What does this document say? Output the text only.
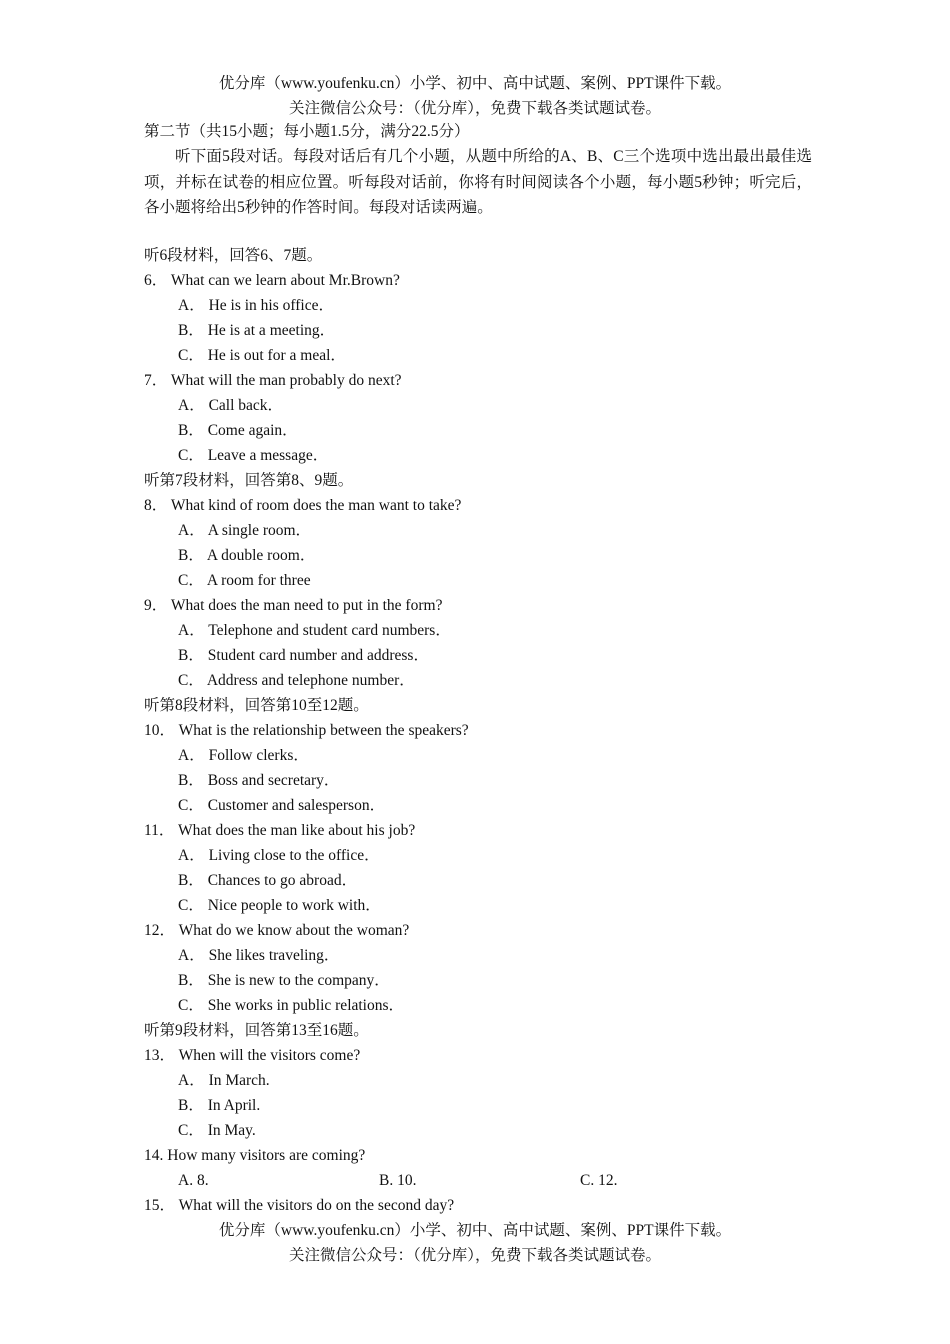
优分库（www.youfenku.cn）小学、初中、高中试题、案例、PPT课件下载。
关注微信公众号：（优分库），免费下载各类试题试卷。
第二节（共15小题；每小题1.5分，满分22.5分）
听下面5段对话。每段对话后有几个小题，从题中所给的A、B、C三个选项中选出最出最佳选项，并标在试卷的相应位置。听每段对话前，你将有时间阅读各个小题，每小题5秒钟；听完后，各小题将给出5秒钟的作答时间。每段对话读两遍。
听6段材料，回答6、7题。
6． What can we learn about Mr.Brown?
A． He is in his office．
B． He is at a meeting．
C． He is out for a meal．
7． What will the man probably do next?
A． Call back．
B． Come again．
C． Leave a message．
听第7段材料，回答第8、9题。
8． What kind of room does the man want to take?
A． A single room．
B． A double room．
C． A room for three
9． What does the man need to put in the form?
A． Telephone and student card numbers．
B． Student card number and address．
C． Address and telephone number．
听第8段材料，回答第10至12题。
10． What is the relationship between the speakers?
A． Follow clerks．
B． Boss and secretary．
C． Customer and salesperson．
11． What does the man like about his job?
A． Living close to the office．
B． Chances to go abroad．
C． Nice people to work with．
12． What do we know about the woman?
A． She likes traveling．
B． She is new to the company．
C． She works in public relations．
听第9段材料，回答第13至16题。
13． When will the visitors come?
A． In March.
B． In April.
C． In May.
14. How many visitors are coming?
A. 8.	B. 10.	C. 12.
15． What will the visitors do on the second day?
优分库（www.youfenku.cn）小学、初中、高中试题、案例、PPT课件下载。
关注微信公众号：（优分库），免费下载各类试题试卷。
